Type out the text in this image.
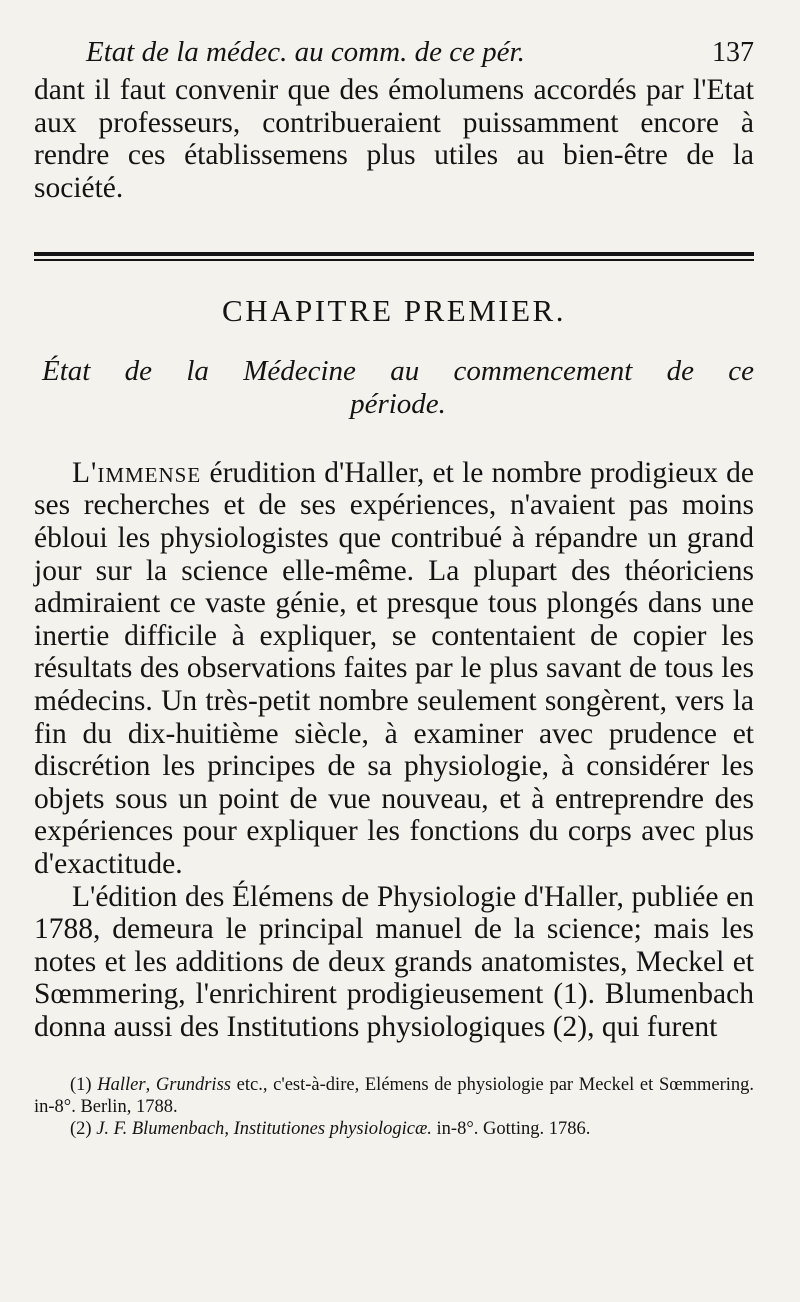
Etat de la médec. au comm. de ce pér.	137

dant il faut convenir que des émolumens accordés par l'Etat aux professeurs, contribueraient puissamment encore à rendre ces établissemens plus utiles au bien-être de la société.

CHAPITRE PREMIER.
État de la Médecine au commencement de ce
période.

L'immense érudition d'Haller, et le nombre prodigieux de ses recherches et de ses expériences, n'avaient pas moins ébloui les physiologistes que contribué à répandre un grand jour sur la science elle-même. La plupart des théoriciens admiraient ce vaste génie, et presque tous plongés dans une inertie difficile à expliquer, se contentaient de copier les résultats des observations faites par le plus savant de tous les médecins. Un très-petit nombre seulement songèrent, vers la fin du dix-huitième siècle, à examiner avec prudence et discrétion les principes de sa physiologie, à considérer les objets sous un point de vue nouveau, et à entreprendre des expériences pour expliquer les fonctions du corps avec plus d'exactitude.

L'édition des Élémens de Physiologie d'Haller, publiée en 1788, demeura le principal manuel de la science; mais les notes et les additions de deux grands anatomistes, Meckel et Sœmmering, l'enrichirent prodigieusement (1). Blumenbach donna aussi des Institutions physiologiques (2), qui furent

(1) Haller, Grundriss etc., c'est-à-dire, Elémens de physiologie par Meckel et Sœmmering. in-8°. Berlin, 1788.

(2) J. F. Blumenbach, Institutiones physiologicæ. in-8°. Gotting. 1786.
